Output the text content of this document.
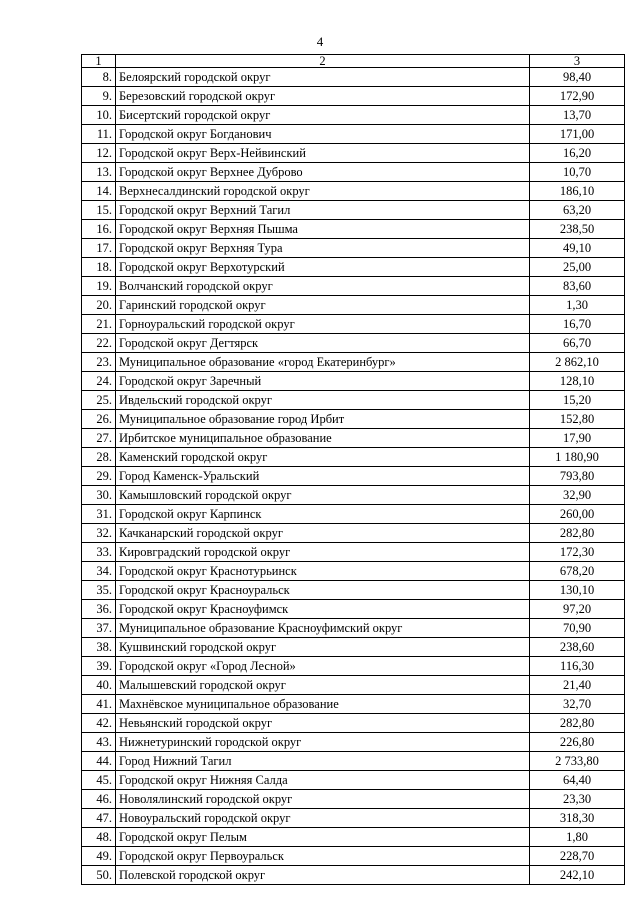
4
1	2	3
8.	Белоярский городской округ	98,40
9.	Березовский городской округ	172,90
10.	Бисертский городской округ	13,70
11.	Городской округ Богданович	171,00
12.	Городской округ Верх-Нейвинский	16,20
13.	Городской округ Верхнее Дуброво	10,70
14.	Верхнесалдинский городской округ	186,10
15.	Городской округ Верхний Тагил	63,20
16.	Городской округ Верхняя Пышма	238,50
17.	Городской округ Верхняя Тура	49,10
18.	Городской округ Верхотурский	25,00
19.	Волчанский городской округ	83,60
20.	Гаринский городской округ	1,30
21.	Горноуральский городской округ	16,70
22.	Городской округ Дегтярск	66,70
23.	Муниципальное образование «город Екатеринбург»	2 862,10
24.	Городской округ Заречный	128,10
25.	Ивдельский городской округ	15,20
26.	Муниципальное образование город Ирбит	152,80
27.	Ирбитское муниципальное образование	17,90
28.	Каменский городской округ	1 180,90
29.	Город Каменск-Уральский	793,80
30.	Камышловский городской округ	32,90
31.	Городской округ Карпинск	260,00
32.	Качканарский городской округ	282,80
33.	Кировградский городской округ	172,30
34.	Городской округ Краснотурьинск	678,20
35.	Городской округ Красноуральск	130,10
36.	Городской округ Красноуфимск	97,20
37.	Муниципальное образование Красноуфимский округ	70,90
38.	Кушвинский городской округ	238,60
39.	Городской округ «Город Лесной»	116,30
40.	Малышевский городской округ	21,40
41.	Махнёвское муниципальное образование	32,70
42.	Невьянский городской округ	282,80
43.	Нижнетуринский городской округ	226,80
44.	Город Нижний Тагил	2 733,80
45.	Городской округ Нижняя Салда	64,40
46.	Новолялинский городской округ	23,30
47.	Новоуральский городской округ	318,30
48.	Городской округ Пелым	1,80
49.	Городской округ Первоуральск	228,70
50.	Полевской городской округ	242,10
